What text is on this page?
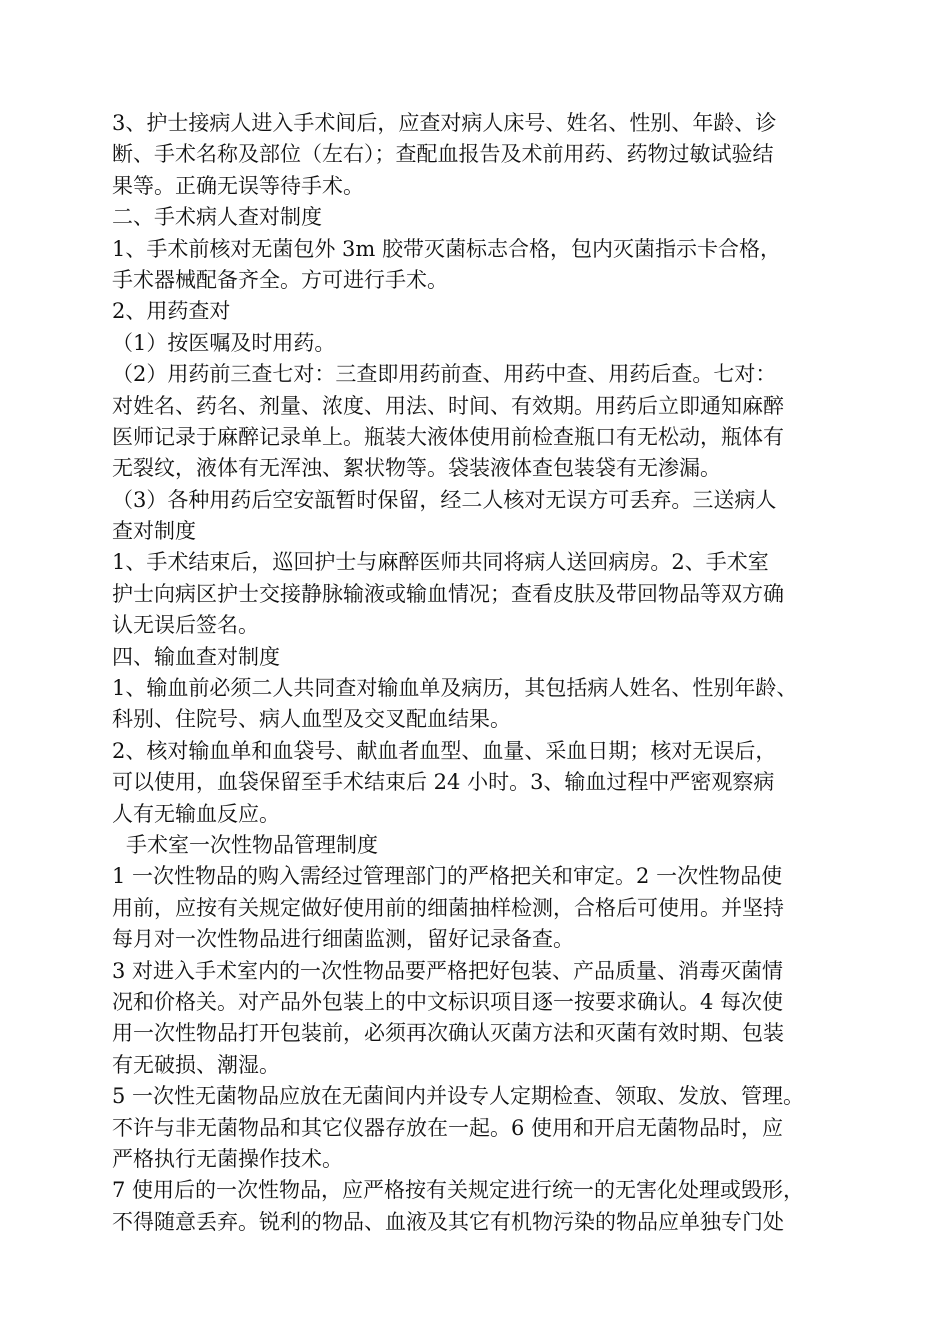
3、护士接病人进入手术间后，应查对病人床号、姓名、性别、年龄、诊
断、手术名称及部位（左右）；查配血报告及术前用药、药物过敏试验结
果等。正确无误等待手术。
二、手术病人查对制度
1、手术前核对无菌包外 3m 胶带灭菌标志合格，包内灭菌指示卡合格，
手术器械配备齐全。方可进行手术。
2、用药查对
（1）按医嘱及时用药。
（2）用药前三查七对：三查即用药前查、用药中查、用药后查。七对：
对姓名、药名、剂量、浓度、用法、时间、有效期。用药后立即通知麻醉
医师记录于麻醉记录单上。瓶装大液体使用前检查瓶口有无松动，瓶体有
无裂纹，液体有无浑浊、絮状物等。袋装液体查包装袋有无渗漏。
（3）各种用药后空安瓿暂时保留，经二人核对无误方可丢弃。三送病人
查对制度
1、手术结束后，巡回护士与麻醉医师共同将病人送回病房。2、手术室
护士向病区护士交接静脉输液或输血情况；查看皮肤及带回物品等双方确
认无误后签名。
四、输血查对制度
1、输血前必须二人共同查对输血单及病历，其包括病人姓名、性别年龄、
科别、住院号、病人血型及交叉配血结果。
2、核对输血单和血袋号、献血者血型、血量、采血日期；核对无误后，
可以使用，血袋保留至手术结束后 24 小时。3、输血过程中严密观察病
人有无输血反应。
手术室一次性物品管理制度
1 一次性物品的购入需经过管理部门的严格把关和审定。2 一次性物品使
用前，应按有关规定做好使用前的细菌抽样检测，合格后可使用。并坚持
每月对一次性物品进行细菌监测，留好记录备查。
3 对进入手术室内的一次性物品要严格把好包装、产品质量、消毒灭菌情
况和价格关。对产品外包装上的中文标识项目逐一按要求确认。4 每次使
用一次性物品打开包装前，必须再次确认灭菌方法和灭菌有效时期、包装
有无破损、潮湿。
5 一次性无菌物品应放在无菌间内并设专人定期检查、领取、发放、管理。
不许与非无菌物品和其它仪器存放在一起。6 使用和开启无菌物品时，应
严格执行无菌操作技术。
7 使用后的一次性物品，应严格按有关规定进行统一的无害化处理或毁形，
不得随意丢弃。锐利的物品、血液及其它有机物污染的物品应单独专门处
